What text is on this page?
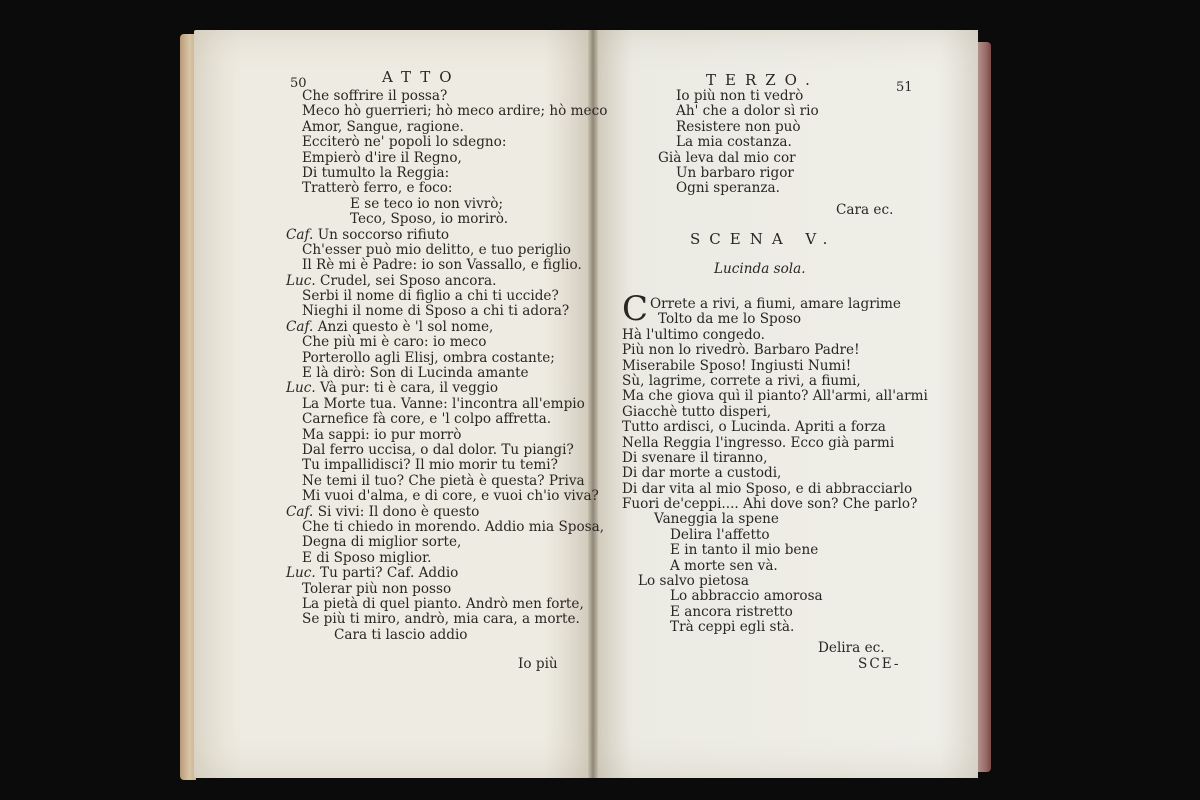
50	ATTO
Che soffrire il possa?
Meco hò guerrieri; hò meco ardire; hò meco
Amor, Sangue, ragione.
Ecciterò ne' popoli lo sdegno:
Empierò d'ire il Regno,
Di tumulto la Reggia:
Tratterò ferro, e foco:
E se teco io non vivrò;
Teco, Sposo, io morirò.
Caf. Un soccorso rifiuto
Ch'esser può mio delitto, e tuo periglio
Il Rè mi è Padre: io son Vassallo, e figlio.
Luc. Crudel, sei Sposo ancora.
Serbi il nome di figlio a chi ti uccide?
Nieghi il nome di Sposo a chi ti adora?
Caf. Anzi questo è 'l sol nome,
Che più mi è caro: io meco
Porterollo agli Elisj, ombra costante;
E là dirò: Son di Lucinda amante
Luc. Và pur: ti è cara, il veggio
La Morte tua. Vanne: l'incontra all'empio
Carnefice fà core, e 'l colpo affretta.
Ma sappi: io pur morrò
Dal ferro uccisa, o dal dolor. Tu piangi?
Tu impallidisci? Il mio morir tu temi?
Ne temi il tuo? Che pietà è questa? Priva
Mi vuoi d'alma, e di core, e vuoi ch'io viva?
Caf. Si vivi: Il dono è questo
Che ti chiedo in morendo. Addio mia Sposa,
Degna di miglior sorte,
E di Sposo miglior.
Luc. Tu parti? Caf. Addio
Tolerar più non posso
La pietà di quel pianto. Andrò men forte,
Se più ti miro, andrò, mia cara, a morte.
Cara ti lascio addio
Io più
TERZO.	51
Io più non ti vedrò
Ah' che a dolor sì rio
Resistere non può
La mia costanza.
Già leva dal mio cor
Un barbaro rigor
Ogni speranza.
Cara ec.
SCENA V.
Lucinda sola.
C Orrete a rivi, a fiumi, amare lagrime
Tolto da me lo Sposo
Hà l'ultimo congedo.
Più non lo rivedrò. Barbaro Padre!
Miserabile Sposo! Ingiusti Numi!
Sù, lagrime, correte a rivi, a fiumi,
Ma che giova quì il pianto? All'armi, all'armi
Giacchè tutto disperi,
Tutto ardisci, o Lucinda. Apriti a forza
Nella Reggia l'ingresso. Ecco già parmi
Di svenare il tiranno,
Di dar morte a custodi,
Di dar vita al mio Sposo, e di abbracciarlo
Fuori de'ceppi.... Ahi dove son? Che parlo?
Vaneggia la spene
Delira l'affetto
E in tanto il mio bene
A morte sen và.
Lo salvo pietosa
Lo abbraccio amorosa
E ancora ristretto
Trà ceppi egli stà.
Delira ec.
SCE-
